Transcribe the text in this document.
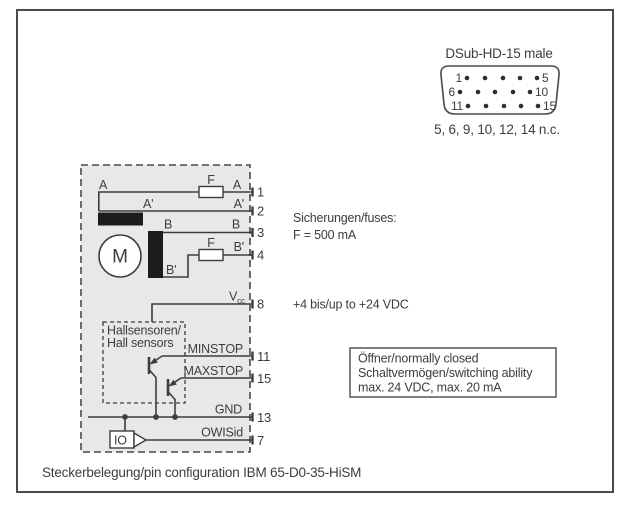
DSub-HD-15 male
1	5
6	10
11	15
5, 6, 9, 10, 12, 14 n.c.
M
A	A
F
A'	A'
B	B
F
B'
B'
$V_{cc}$
Hallsensoren/
Hall sensors MINSTOP
MAXSTOP
GND
OWISid
IO
1
2
3
4
8
11
15
13
7
Sicherungen/fuses:
F = 500 mA
+4 bis/up to +24 VDC
Öffner/normally closed
Schaltvermögen/switching ability
max. 24 VDC, max. 20 mA
Steckerbelegung/pin configuration IBM 65-D0-35-HiSM
